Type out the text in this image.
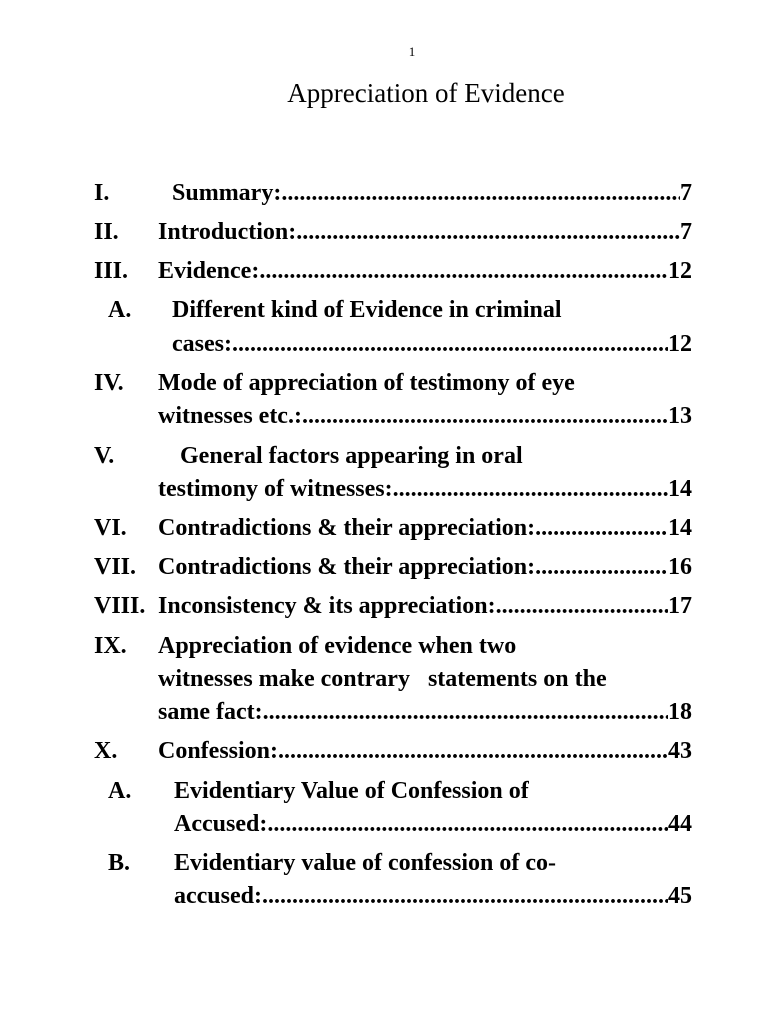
1
Appreciation of Evidence
I.	Summary: .....	7
II. Introduction: .....	7
III. Evidence: .....	12
A. Different kind of Evidence in criminal
cases: .....	12
IV. Mode of appreciation of testimony of eye
witnesses etc.: .....	13
V.	General factors appearing in oral
testimony of witnesses: .....	14
VI. Contradictions & their appreciation: .....	14
VII. Contradictions & their appreciation: .....	16
VIII. Inconsistency & its appreciation: .....	17
IX. Appreciation of evidence when two
witnesses make contrary   statements on the
same fact: .....	18
X. Confession: .....	43
A. Evidentiary Value of Confession of
Accused: .....	44
B. Evidentiary value of confession of co-
accused: .....	45
